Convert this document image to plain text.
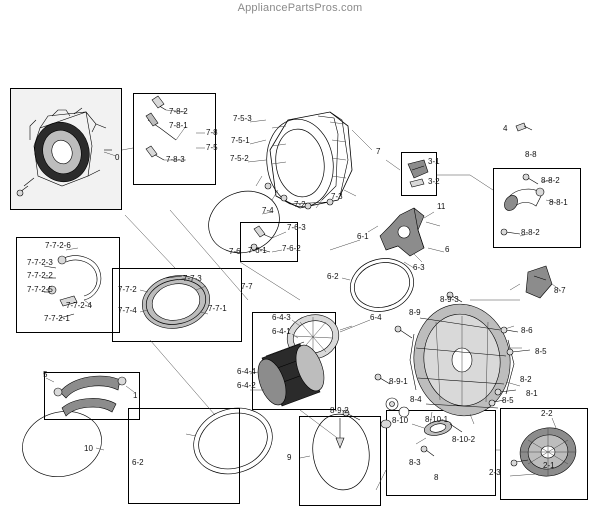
AppliancePartsPros.com
0
7-8-2
7-8-1
7-8-3
7-8
7-5
7-5-3
7-5-1
7-5-2
7-4
7-3
7-2
7-6-3
7-6-1 7-6-2
7-6
7-7
7-7-3
7-7-2
7-7-4	7-7-1
7-7-2-6
7-7-2-3
7-7-2-2
7-7-2-5
7-7-2-4
7-7-2-1
7
3-1
3-2
4
8-8
8-8-2
8-8-1
8-8-2
11
6-1
6
6-3
6-2
6-4
6-4-3
6-4-1
6-4-4
6-4-2
8-7
8-9-3
8-9
8-6
8-5
8-2
8-1
8-9-1
8-9-2
8-4
8-10 8-10-1
8-10-2
8-3
8-5
2-2
2-1
2-3
5
1
10
6-2
9
8
